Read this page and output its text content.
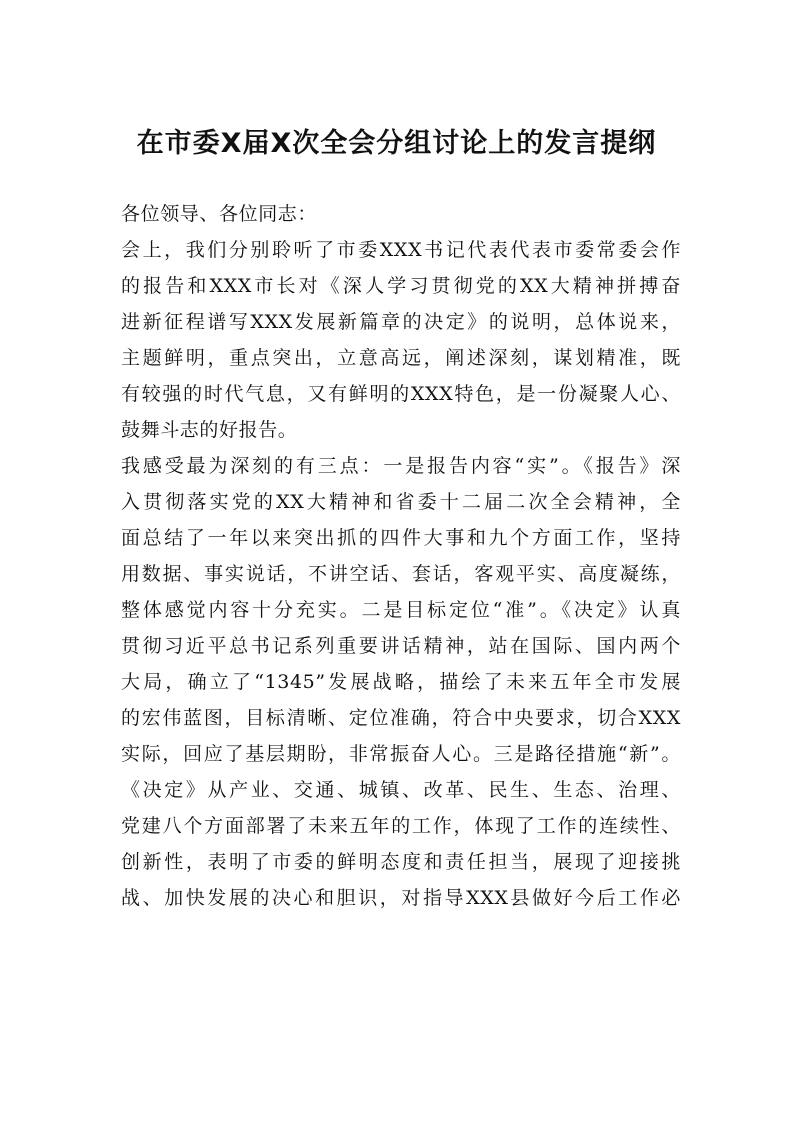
在市委X届X次全会分组讨论上的发言提纲
各位领导、各位同志：
会上，我们分别聆听了市委XXX书记代表代表市委常委会作
的报告和XXX市长对《深人学习贯彻党的XX大精神拼搏奋
进新征程谱写XXX发展新篇章的决定》的说明，总体说来，
主题鲜明，重点突出，立意高远，阐述深刻，谋划精准，既
有较强的时代气息，又有鲜明的XXX特色，是一份凝聚人心、
鼓舞斗志的好报告。
我感受最为深刻的有三点：一是报告内容“实”。《报告》深
入贯彻落实党的XX大精神和省委十二届二次全会精神，全
面总结了一年以来突出抓的四件大事和九个方面工作，坚持
用数据、事实说话，不讲空话、套话，客观平实、高度凝练，
整体感觉内容十分充实。二是目标定位“准”。《决定》认真
贯彻习近平总书记系列重要讲话精神，站在国际、国内两个
大局，确立了“1345”发展战略，描绘了未来五年全市发展
的宏伟蓝图，目标清晰、定位准确，符合中央要求，切合XXX
实际，回应了基层期盼，非常振奋人心。三是路径措施“新”。
《决定》从产业、交通、城镇、改革、民生、生态、治理、
党建八个方面部署了未来五年的工作，体现了工作的连续性、
创新性，表明了市委的鲜明态度和责任担当，展现了迎接挑
战、加快发展的决心和胆识，对指导XXX县做好今后工作必
